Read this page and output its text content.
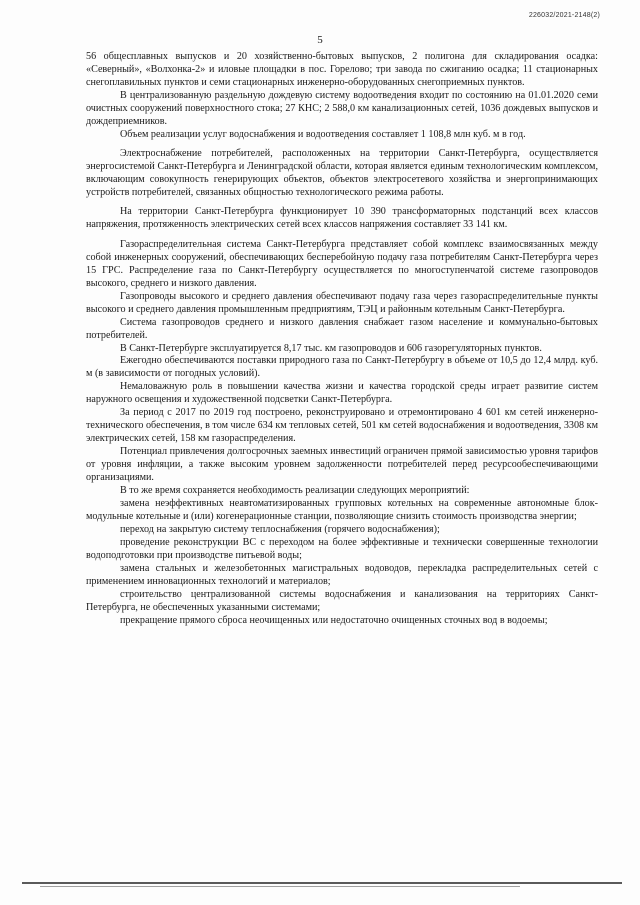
226032/2021-2148(2)
5

56 общесплавных выпусков и 20 хозяйственно-бытовых выпусков, 2 полигона для складирования осадка: «Северный», «Волхонка-2» и иловые площадки в пос. Горелово; три завода по сжиганию осадка; 11 стационарных снегоплавильных пунктов и семи стационарных инженерно-оборудованных снегоприемных пунктов.

В централизованную раздельную дождевую систему водоотведения входит по состоянию на 01.01.2020 семи очистных сооружений поверхностного стока; 27 КНС; 2 588,0 км канализационных сетей, 1036 дождевых выпусков и дождеприемников.

Объем реализации услуг водоснабжения и водоотведения составляет 1 108,8 млн куб. м в год.

Электроснабжение потребителей, расположенных на территории Санкт-Петербурга, осуществляется энергосистемой Санкт-Петербурга и Ленинградской области, которая является единым технологическим комплексом, включающим совокупность генерирующих объектов, объектов электросетевого хозяйства и энергопринимающих устройств потребителей, связанных общностью технологического режима работы.

На территории Санкт-Петербурга функционирует 10 390 трансформаторных подстанций всех классов напряжения, протяженность электрических сетей всех классов напряжения составляет 33 141 км.

Газораспределительная система Санкт-Петербурга представляет собой комплекс взаимосвязанных между собой инженерных сооружений, обеспечивающих бесперебойную подачу газа потребителям Санкт-Петербурга через 15 ГРС. Распределение газа по Санкт-Петербургу осуществляется по многоступенчатой системе газопроводов высокого, среднего и низкого давления.

Газопроводы высокого и среднего давления обеспечивают подачу газа через газораспределительные пункты высокого и среднего давления промышленным предприятиям, ТЭЦ и районным котельным Санкт-Петербурга.

Система газопроводов среднего и низкого давления снабжает газом население и коммунально-бытовых потребителей.

В Санкт-Петербурге эксплуатируется 8,17 тыс. км газопроводов и 606 газорегуляторных пунктов.

Ежегодно обеспечиваются поставки природного газа по Санкт-Петербургу в объеме от 10,5 до 12,4 млрд. куб. м (в зависимости от погодных условий).

Немаловажную роль в повышении качества жизни и качества городской среды играет развитие систем наружного освещения и художественной подсветки Санкт-Петербурга.

За период с 2017 по 2019 год построено, реконструировано и отремонтировано 4 601 км сетей инженерно-технического обеспечения, в том числе 634 км тепловых сетей, 501 км сетей водоснабжения и водоотведения, 3308 км электрических сетей, 158 км газораспределения.

Потенциал привлечения долгосрочных заемных инвестиций ограничен прямой зависимостью уровня тарифов от уровня инфляции, а также высоким уровнем задолженности потребителей перед ресурсообеспечивающими организациями.

В то же время сохраняется необходимость реализации следующих мероприятий:

замена неэффективных неавтоматизированных групповых котельных на современные автономные блок-модульные котельные и (или) когенерационные станции, позволяющие снизить стоимость производства энергии;

переход на закрытую систему теплоснабжения (горячего водоснабжения);

проведение реконструкции ВС с переходом на более эффективные и технически совершенные технологии водоподготовки при производстве питьевой воды;

замена стальных и железобетонных магистральных водоводов, перекладка распределительных сетей с применением инновационных технологий и материалов;

строительство централизованной системы водоснабжения и канализования на территориях Санкт-Петербурга, не обеспеченных указанными системами;

прекращение прямого сброса неочищенных или недостаточно очищенных сточных вод в водоемы;
